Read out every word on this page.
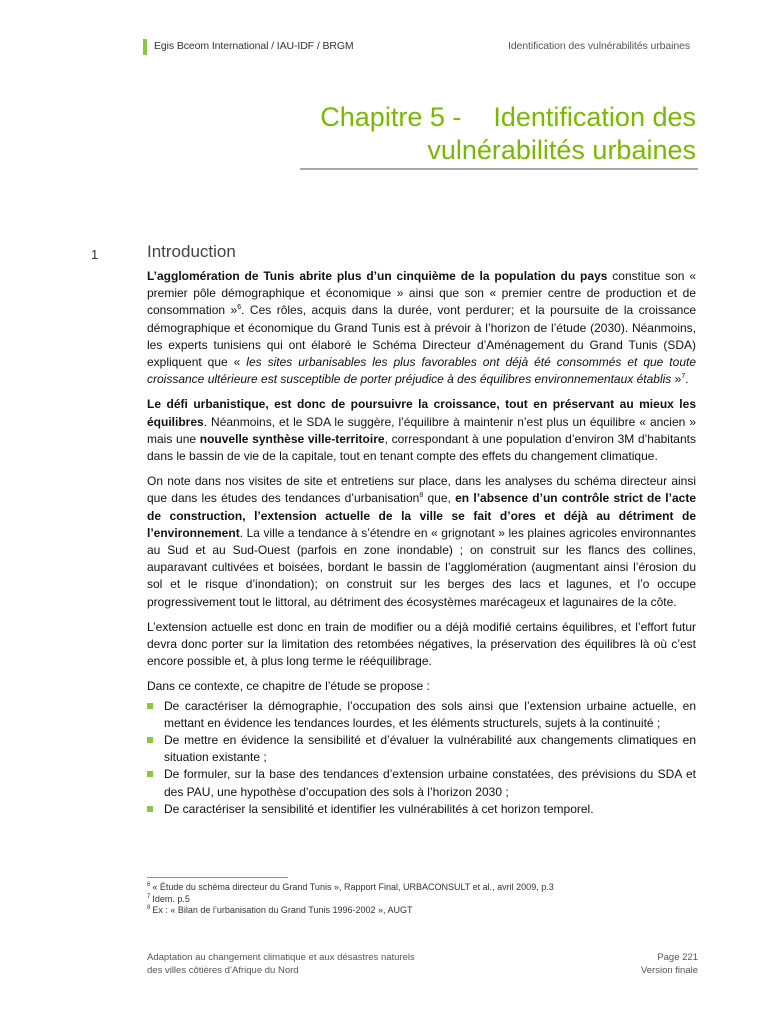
Egis Bceom International / IAU-IDF / BRGM	Identification des vulnérabilités urbaines
Chapitre 5 - Identification des
vulnérabilités urbaines
1	Introduction

L’agglomération de Tunis abrite plus d’un cinquième de la population du pays constitue son « premier pôle démographique et économique » ainsi que son « premier centre de production et de consommation »$^6$. Ces rôles, acquis dans la durée, vont perdurer; et la poursuite de la croissance démographique et économique du Grand Tunis est à prévoir à l’horizon de l’étude (2030). Néanmoins, les experts tunisiens qui ont élaboré le Schéma Directeur d’Aménagement du Grand Tunis (SDA) expliquent que « les sites urbanisables les plus favorables ont déjà été consommés et que toute croissance ultérieure est susceptible de porter préjudice à des équilibres environnementaux établis »$^7$.

Le défi urbanistique, est donc de poursuivre la croissance, tout en préservant au mieux les équilibres. Néanmoins, et le SDA le suggère, l’équilibre à maintenir n’est plus un équilibre « ancien » mais une nouvelle synthèse ville-territoire, correspondant à une population d’environ 3M d’habitants dans le bassin de vie de la capitale, tout en tenant compte des effets du changement climatique.

On note dans nos visites de site et entretiens sur place, dans les analyses du schéma directeur ainsi que dans les études des tendances d’urbanisation$^8$ que, en l’absence d’un contrôle strict de l’acte de construction, l’extension actuelle de la ville se fait d’ores et déjà au détriment de l’environnement. La ville a tendance à s’étendre en « grignotant » les plaines agricoles environnantes au Sud et au Sud-Ouest (parfois en zone inondable) ; on construit sur les flancs des collines, auparavant cultivées et boisées, bordant le bassin de l’agglomération (augmentant ainsi l’érosion du sol et le risque d’inondation); on construit sur les berges des lacs et lagunes, et l’o occupe progressivement tout le littoral, au détriment des écosystèmes marécageux et lagunaires de la côte.

L’extension actuelle est donc en train de modifier ou a déjà modifié certains équilibres, et l’effort futur devra donc porter sur la limitation des retombées négatives, la préservation des équilibres là où c’est encore possible et, à plus long terme le rééquilibrage.

Dans ce contexte, ce chapitre de l’étude se propose :

De caractériser la démographie, l’occupation des sols ainsi que l’extension urbaine actuelle, en mettant en évidence les tendances lourdes, et les éléments structurels, sujets à la continuité ;
De mettre en évidence la sensibilité et d’évaluer la vulnérabilité aux changements climatiques en situation existante ;
De formuler, sur la base des tendances d’extension urbaine constatées, des prévisions du SDA et des PAU, une hypothèse d’occupation des sols à l’horizon 2030 ;
De caractériser la sensibilité et identifier les vulnérabilités à cet horizon temporel.
$^6$ « Étude du schéma directeur du Grand Tunis », Rapport Final, URBACONSULT et al., avril 2009, p.3
$^7$ Idem. p.5
$^8$ Ex : « Bilan de l’urbanisation du Grand Tunis 1996-2002 », AUGT
Adaptation au changement climatique et aux désastres naturels
des villes côtières d’Afrique du Nord
Page 221
Version finale
